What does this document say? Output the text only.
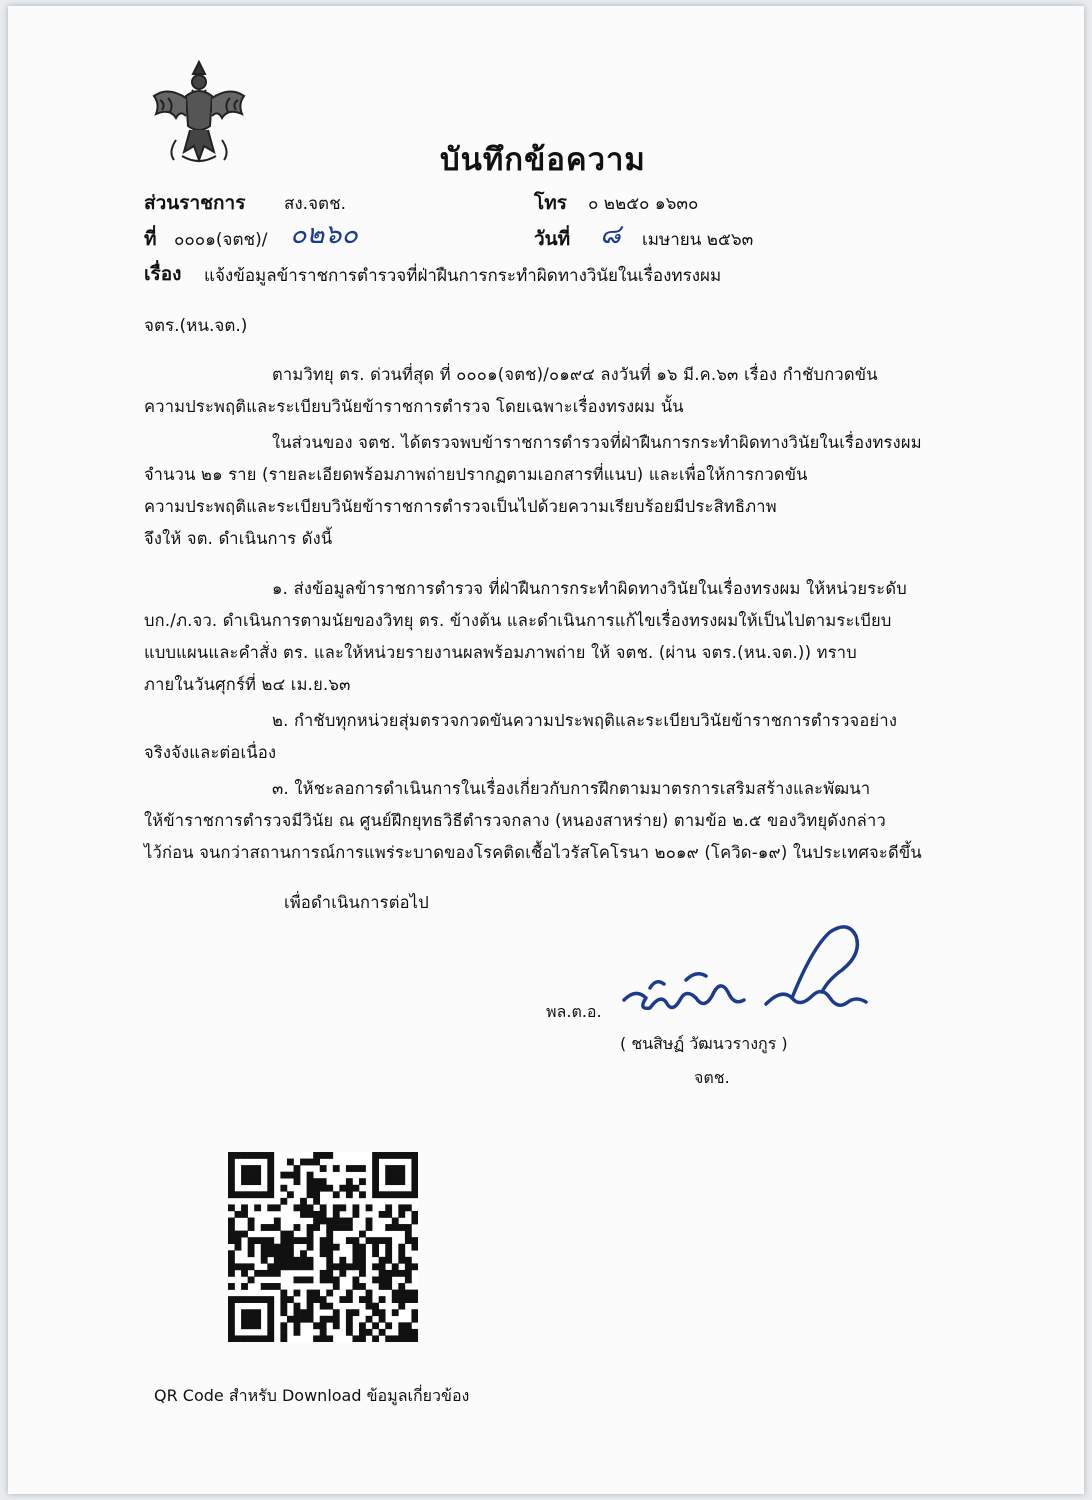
บันทึกข้อความ
ส่วนราชการ สง.จตช.	โทร ๐ ๒๒๕๐ ๑๖๓๐
ที่ ๐๐๐๑(จตช)/ ๐๒๖๐	วันที่ ๘ เมษายน ๒๕๖๓
เรื่อง แจ้งข้อมูลข้าราชการตำรวจที่ฝ่าฝืนการกระทำผิดทางวินัยในเรื่องทรงผม
จตร.(หน.จต.)
ตามวิทยุ ตร. ด่วนที่สุด ที่ ๐๐๐๑(จตช)/๐๑๙๔ ลงวันที่ ๑๖ มี.ค.๖๓ เรื่อง กำชับกวดขัน
ความประพฤติและระเบียบวินัยข้าราชการตำรวจ โดยเฉพาะเรื่องทรงผม นั้น
ในส่วนของ จตช. ได้ตรวจพบข้าราชการตำรวจที่ฝ่าฝืนการกระทำผิดทางวินัยในเรื่องทรงผม
จำนวน ๒๑ ราย (รายละเอียดพร้อมภาพถ่ายปรากฏตามเอกสารที่แนบ) และเพื่อให้การกวดขัน
ความประพฤติและระเบียบวินัยข้าราชการตำรวจเป็นไปด้วยความเรียบร้อยมีประสิทธิภาพ
จึงให้ จต. ดำเนินการ ดังนี้
๑. ส่งข้อมูลข้าราชการตำรวจ ที่ฝ่าฝืนการกระทำผิดทางวินัยในเรื่องทรงผม ให้หน่วยระดับ
บก./ภ.จว. ดำเนินการตามนัยของวิทยุ ตร. ข้างต้น และดำเนินการแก้ไขเรื่องทรงผมให้เป็นไปตามระเบียบ
แบบแผนและคำสั่ง ตร. และให้หน่วยรายงานผลพร้อมภาพถ่าย ให้ จตช. (ผ่าน จตร.(หน.จต.)) ทราบ
ภายในวันศุกร์ที่ ๒๔ เม.ย.๖๓
๒. กำชับทุกหน่วยสุ่มตรวจกวดขันความประพฤติและระเบียบวินัยข้าราชการตำรวจอย่าง
จริงจังและต่อเนื่อง
๓. ให้ชะลอการดำเนินการในเรื่องเกี่ยวกับการฝึกตามมาตรการเสริมสร้างและพัฒนา
ให้ข้าราชการตำรวจมีวินัย ณ ศูนย์ฝึกยุทธวิธีตำรวจกลาง (หนองสาหร่าย) ตามข้อ ๒.๕ ของวิทยุดังกล่าว
ไว้ก่อน จนกว่าสถานการณ์การแพร่ระบาดของโรคติดเชื้อไวรัสโคโรนา ๒๐๑๙ (โควิด-๑๙) ในประเทศจะดีขึ้น
เพื่อดำเนินการต่อไป
พล.ต.อ.
( ชนสิษฏ์ วัฒนวรางกูร )
จตช.
QR Code สำหรับ Download ข้อมูลเกี่ยวข้อง
